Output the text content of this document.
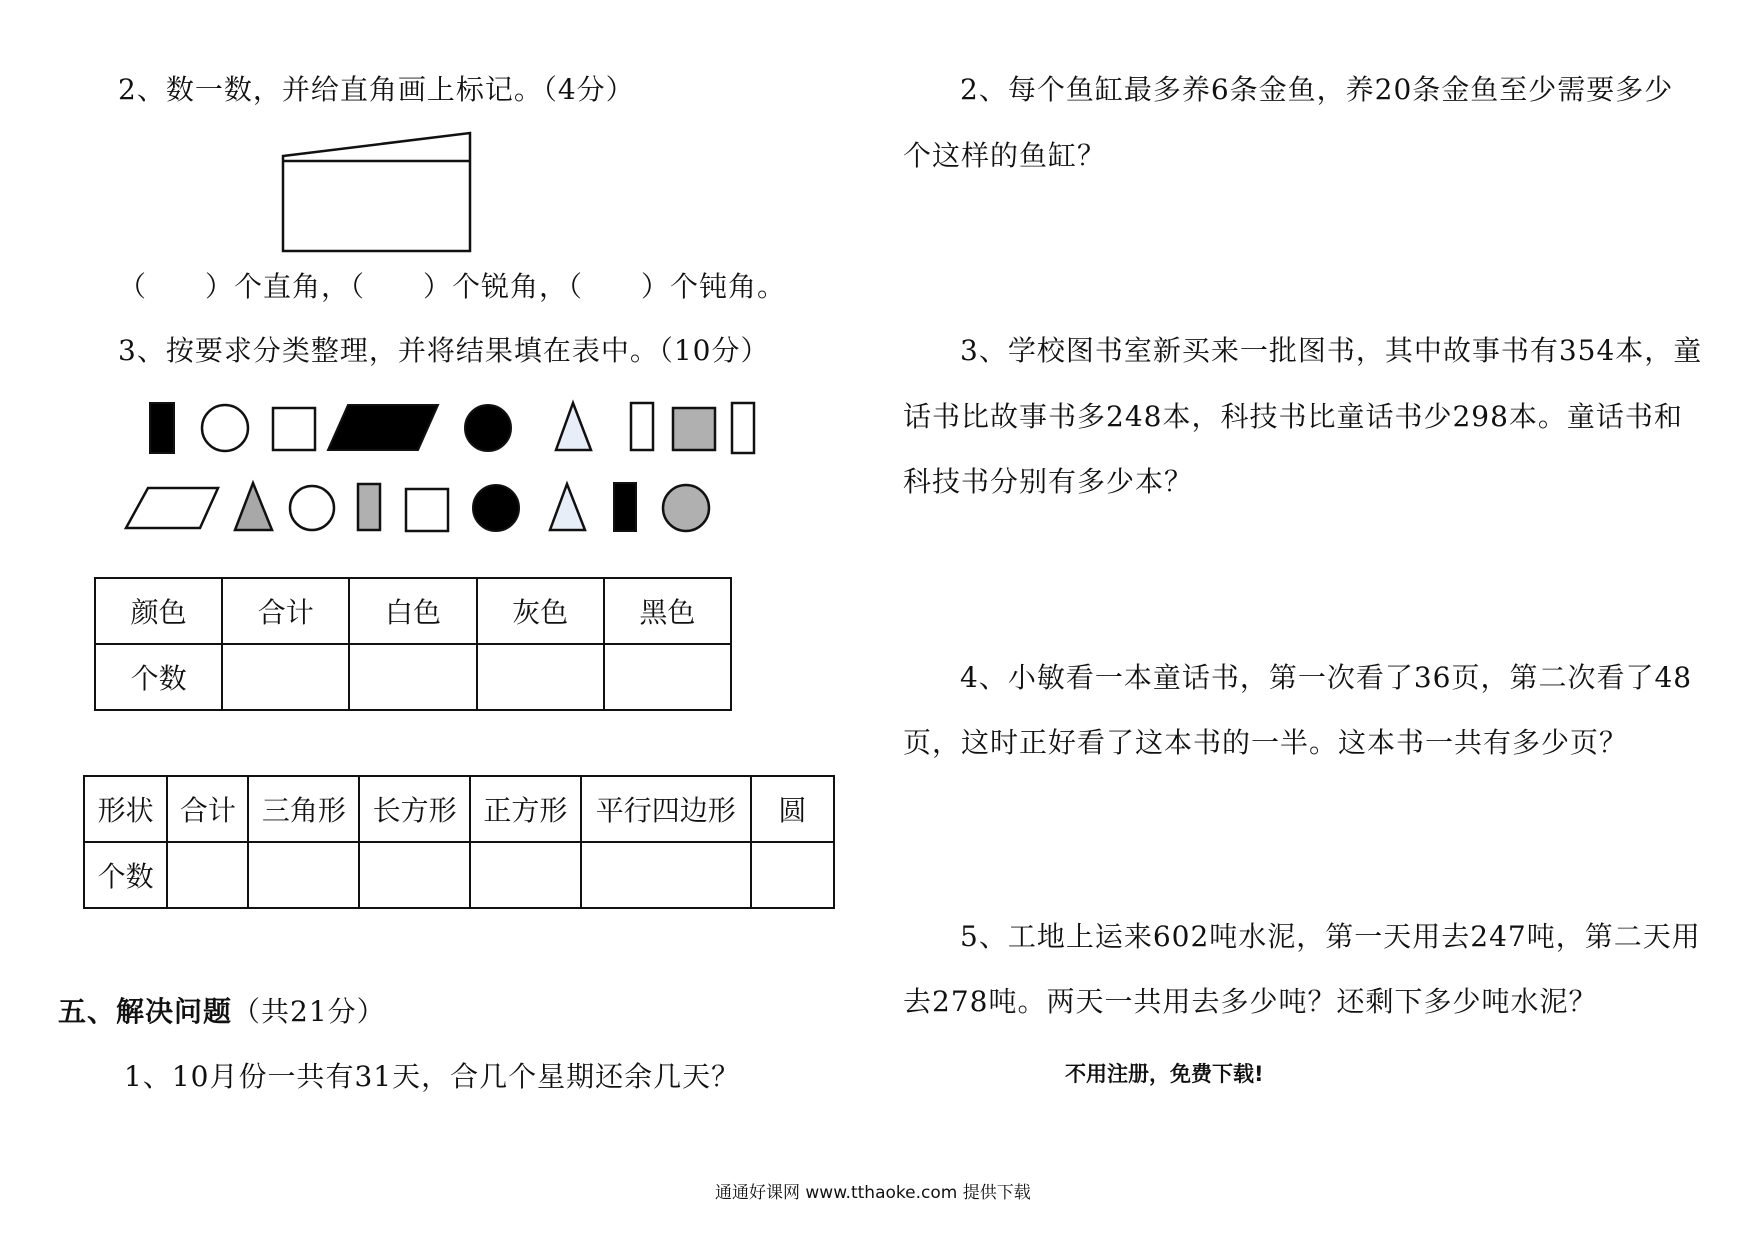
2、数一数，并给直角画上标记。（4分）
（　　）个直角，（　　）个锐角，（　　）个钝角。
3、按要求分类整理，并将结果填在表中。（10分）
颜色	合计	白色	灰色	黑色
个数				
形状	合计	三角形	长方形	正方形	平行四边形	圆
个数						
五、解决问题（共21分）
1、10月份一共有31天，合几个星期还余几天？
2、每个鱼缸最多养6条金鱼，养20条金鱼至少需要多少
个这样的鱼缸？
3、学校图书室新买来一批图书，其中故事书有354本，童
话书比故事书多248本，科技书比童话书少298本。童话书和
科技书分别有多少本？
4、小敏看一本童话书，第一次看了36页，第二次看了48
页，这时正好看了这本书的一半。这本书一共有多少页？
5、工地上运来602吨水泥，第一天用去247吨，第二天用
去278吨。两天一共用去多少吨？还剩下多少吨水泥？
不用注册，免费下载!
通通好课网 www.tthaoke.com 提供下载
